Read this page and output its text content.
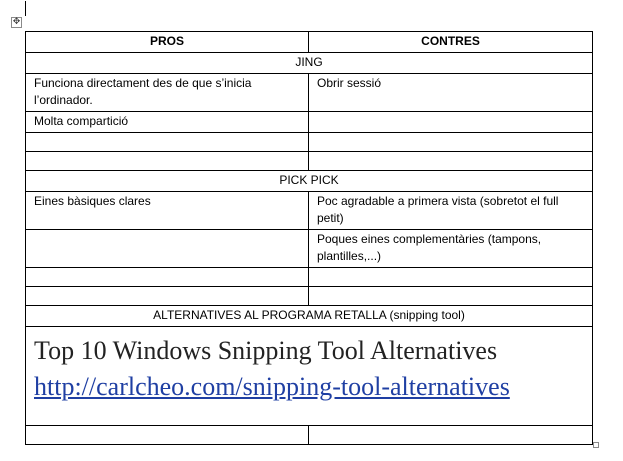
✥
PROS	CONTRES
JING	
Funciona directament des de que s’inicia l’ordinador.	Obrir sessió
Molta compartició	

PICK PICK	
Eines bàsiques clares	Poc agradable a primera vista (sobretot el full petit)
	Poques eines complementàries (tampons, plantilles,...)

ALTERNATIVES AL PROGRAMA RETALLA (snipping tool)	

Top 10 Windows Snipping Tool Alternatives
http://carlcheo.com/snipping-tool-alternatives	
